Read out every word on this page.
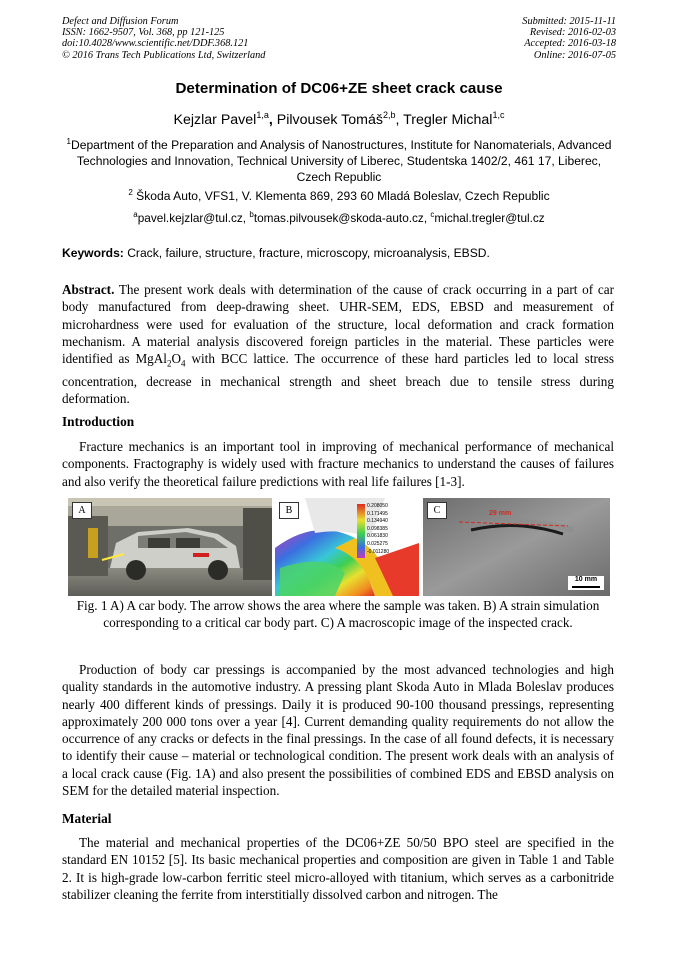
Defect and Diffusion Forum
ISSN: 1662-9507, Vol. 368, pp 121-125
doi:10.4028/www.scientific.net/DDF.368.121
© 2016 Trans Tech Publications Ltd, Switzerland
Submitted: 2015-11-11
Revised: 2016-02-03
Accepted: 2016-03-18
Online: 2016-07-05
Determination of DC06+ZE sheet crack cause
Kejzlar Pavel$^{1,a}$, Pilvousek Tomáš$^{2,b}$, Tregler Michal$^{1,c}$
$^1$Department of the Preparation and Analysis of Nanostructures, Institute for Nanomaterials, Advanced Technologies and Innovation, Technical University of Liberec, Studentska 1402/2, 461 17, Liberec, Czech Republic
$^2$ Škoda Auto, VFS1, V. Klementa 869, 293 60 Mladá Boleslav, Czech Republic
$^a$pavel.kejzlar@tul.cz, $^b$tomas.pilvousek@skoda-auto.cz, $^c$michal.tregler@tul.cz
Keywords: Crack, failure, structure, fracture, microscopy, microanalysis, EBSD.
Abstract. The present work deals with determination of the cause of crack occurring in a part of car body manufactured from deep-drawing sheet. UHR-SEM, EDS, EBSD and measurement of microhardness were used for evaluation of the structure, local deformation and crack formation mechanism. A material analysis discovered foreign particles in the material. These particles were identified as $MgAl_2O_4$ with BCC lattice. The occurrence of these hard particles led to local stress concentration, decrease in mechanical strength and sheet breach due to tensile stress during deformation.
Introduction
Fracture mechanics is an important tool in improving of mechanical performance of mechanical components. Fractography is widely used with fracture mechanics to understand the causes of failures and also verify the theoretical failure predictions with real life failures [1-3].
A	0.208050
0.171495
0.134940
0.098385
0.061830
0.025275
-0.011280
B	29 mm
10 mm
C
Fig. 1 A) A car body. The arrow shows the area where the sample was taken. B) A strain simulation corresponding to a critical car body part. C) A macroscopic image of the inspected crack.
Production of body car pressings is accompanied by the most advanced technologies and high quality standards in the automotive industry. A pressing plant Skoda Auto in Mlada Boleslav produces nearly 400 different kinds of pressings. Daily it is produced 90-100 thousand pressings, representing approximately 200 000 tons over a year [4]. Current demanding quality requirements do not allow the occurrence of any cracks or defects in the final pressings. In the case of all found defects, it is necessary to identify their cause – material or technological condition. The present work deals with an analysis of a local crack cause (Fig. 1A) and also present the possibilities of combined EDS and EBSD analysis on SEM for the detailed material inspection.
Material
The material and mechanical properties of the DC06+ZE 50/50 BPO steel are specified in the standard EN 10152 [5]. Its basic mechanical properties and composition are given in Table 1 and Table 2. It is high-grade low-carbon ferritic steel micro-alloyed with titanium, which serves as a carbonitride stabilizer cleaning the ferrite from interstitially dissolved carbon and nitrogen. The
